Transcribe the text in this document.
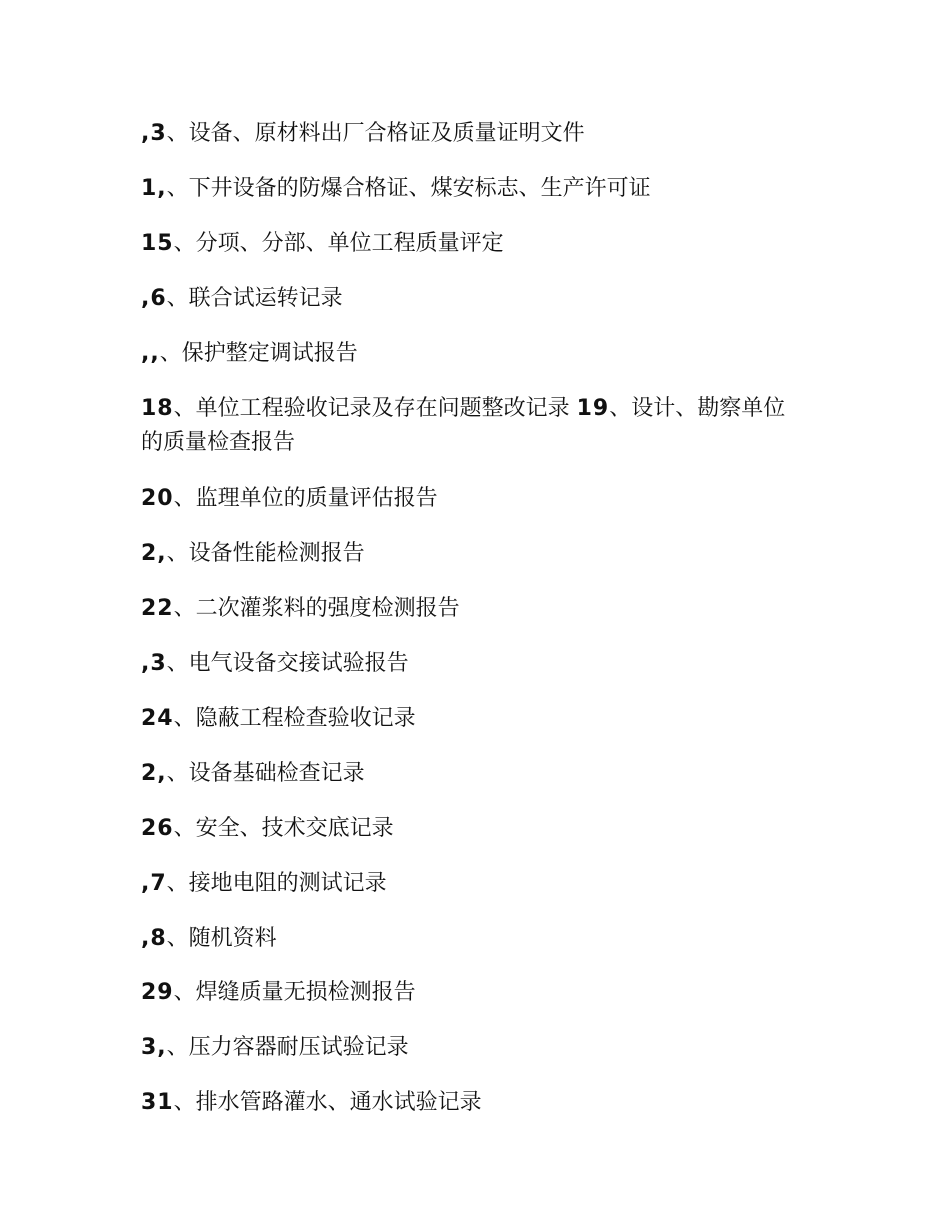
,3、设备、原材料出厂合格证及质量证明文件
1,、下井设备的防爆合格证、煤安标志、生产许可证
15、分项、分部、单位工程质量评定
,6、联合试运转记录
,,、保护整定调试报告
18、单位工程验收记录及存在问题整改记录 19、设计、勘察单位的质量检查报告
20、监理单位的质量评估报告
2,、设备性能检测报告
22、二次灌浆料的强度检测报告
,3、电气设备交接试验报告
24、隐蔽工程检查验收记录
2,、设备基础检查记录
26、安全、技术交底记录
,7、接地电阻的测试记录
,8、随机资料
29、焊缝质量无损检测报告
3,、压力容器耐压试验记录
31、排水管路灌水、通水试验记录
